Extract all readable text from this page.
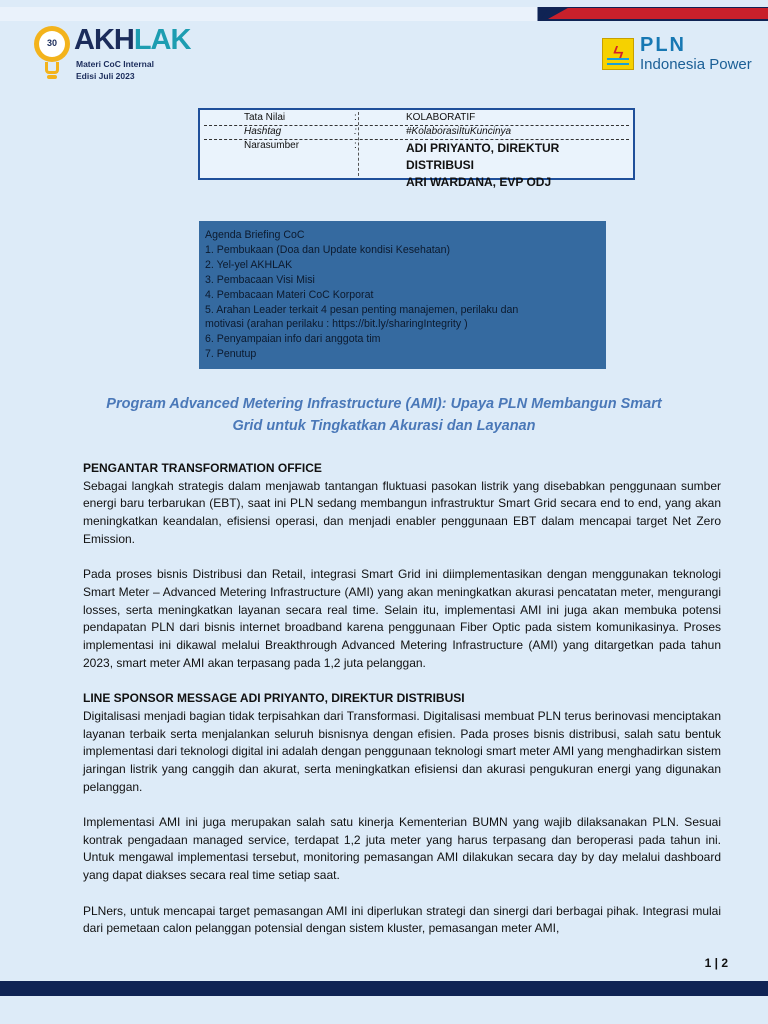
30 AKHLAK
Materi CoC Internal
Edisi Juli 2023
ϟ PLN
Indonesia Power
Tata Nilai	:	KOLABORATIF
Hashtag	:	#KolaborasiItuKuncinya
Narasumber	:	ADI PRIYANTO, DIREKTUR DISTRIBUSI
ARI WARDANA, EVP ODJ
Agenda Briefing CoC
1. Pembukaan (Doa dan Update kondisi Kesehatan)
2. Yel-yel AKHLAK
3. Pembacaan Visi Misi
4. Pembacaan Materi CoC Korporat
5. Arahan Leader terkait 4 pesan penting manajemen, perilaku dan
motivasi (arahan perilaku : https://bit.ly/sharingIntegrity )
6. Penyampaian info dari anggota tim
7. Penutup
Program Advanced Metering Infrastructure (AMI): Upaya PLN Membangun Smart
Grid untuk Tingkatkan Akurasi dan Layanan

PENGANTAR TRANSFORMATION OFFICE

Sebagai langkah strategis dalam menjawab tantangan fluktuasi pasokan listrik yang disebabkan penggunaan sumber energi baru terbarukan (EBT), saat ini PLN sedang membangun infrastruktur Smart Grid secara end to end, yang akan meningkatkan keandalan, efisiensi operasi, dan menjadi enabler penggunaan EBT dalam mencapai target Net Zero Emission.

Pada proses bisnis Distribusi dan Retail, integrasi Smart Grid ini diimplementasikan dengan menggunakan teknologi Smart Meter – Advanced Metering Infrastructure (AMI) yang akan meningkatkan akurasi pencatatan meter, mengurangi losses, serta meningkatkan layanan secara real time. Selain itu, implementasi AMI ini juga akan membuka potensi pendapatan PLN dari bisnis internet broadband karena penggunaan Fiber Optic pada sistem komunikasinya. Proses implementasi ini dikawal melalui Breakthrough Advanced Metering Infrastructure (AMI) yang ditargetkan pada tahun 2023, smart meter AMI akan terpasang pada 1,2 juta pelanggan.

LINE SPONSOR MESSAGE ADI PRIYANTO, DIREKTUR DISTRIBUSI

Digitalisasi menjadi bagian tidak terpisahkan dari Transformasi. Digitalisasi membuat PLN terus berinovasi menciptakan layanan terbaik serta menjalankan seluruh bisnisnya dengan efisien. Pada proses bisnis distribusi, salah satu bentuk implementasi dari teknologi digital ini adalah dengan penggunaan teknologi smart meter AMI yang menghadirkan sistem jaringan listrik yang canggih dan akurat, serta meningkatkan efisiensi dan akurasi pengukuran energi yang digunakan pelanggan.

Implementasi AMI ini juga merupakan salah satu kinerja Kementerian BUMN yang wajib dilaksanakan PLN. Sesuai kontrak pengadaan managed service, terdapat 1,2 juta meter yang harus terpasang dan beroperasi pada tahun ini. Untuk mengawal implementasi tersebut, monitoring pemasangan AMI dilakukan secara day by day melalui dashboard yang dapat diakses secara real time setiap saat.

PLNers, untuk mencapai target pemasangan AMI ini diperlukan strategi dan sinergi dari berbagai pihak. Integrasi mulai dari pemetaan calon pelanggan potensial dengan sistem kluster, pemasangan meter AMI,

1 | 2
